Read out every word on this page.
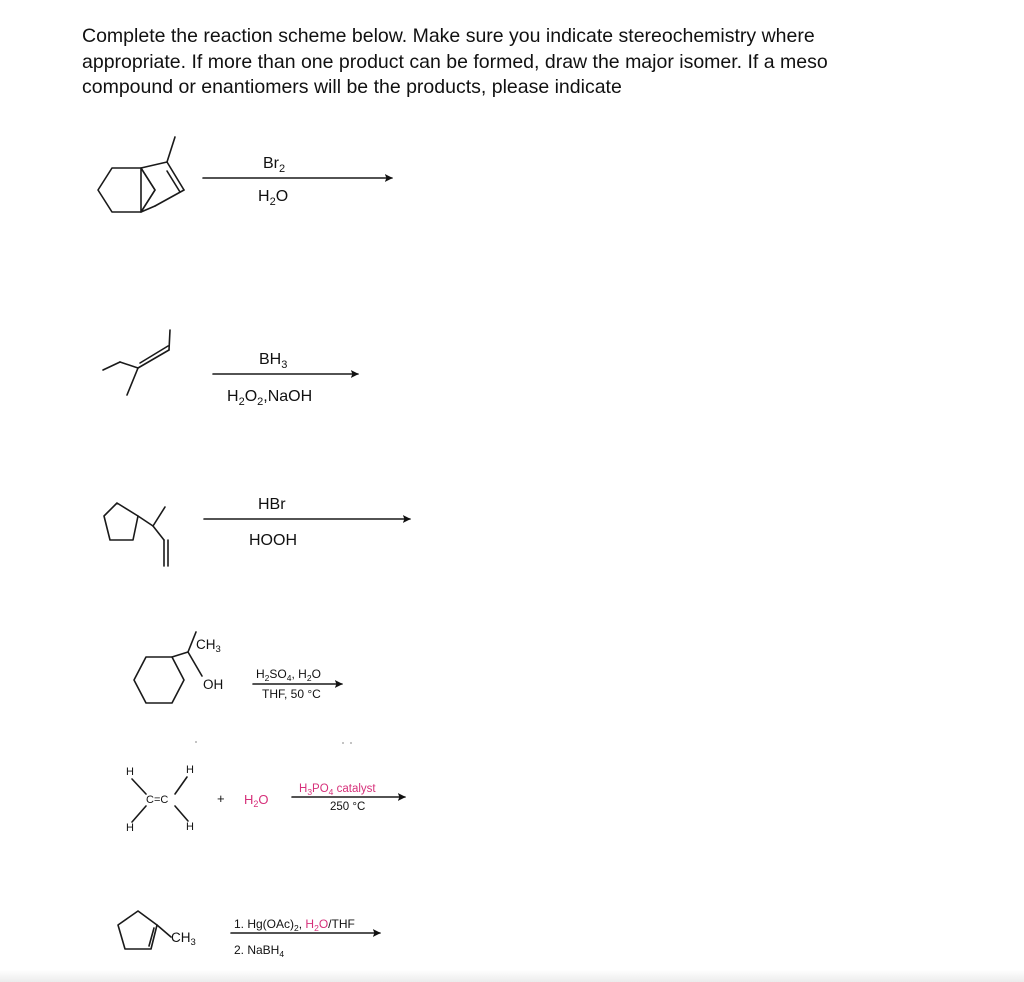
Complete the reaction scheme below. Make sure you indicate stereochemistry where
appropriate. If more than one product can be formed, draw the major isomer. If a meso
compound or enantiomers will be the products, please indicate

$Br_2$
$H_2O$
$BH_3$
$H_2O_2,NaOH$
HBr
HOOH
$CH_3$
OH
$H_2SO_4$, $H_2O$
THF, 50 °C
H	H
H	H
C=C	+ $H_2O$
$H_3PO_4$ catalyst
250 °C
$CH_3$
1. $Hg(OAc)_2$, $H_2O$/THF
2. NaBH$_4$
